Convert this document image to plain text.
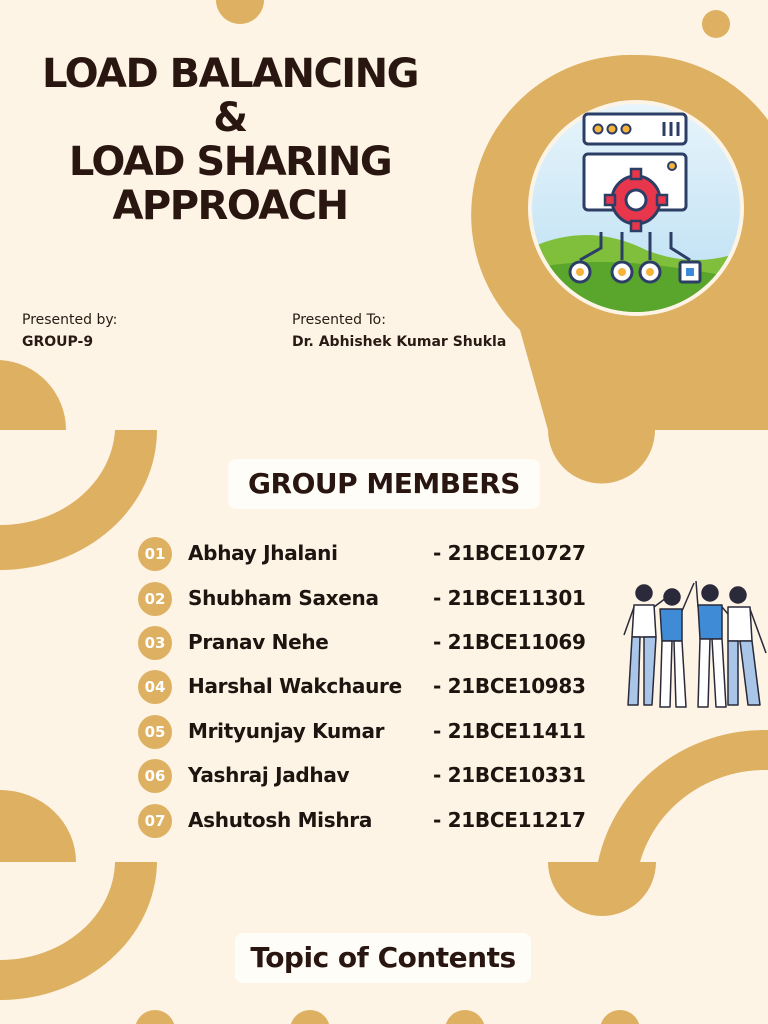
LOAD BALANCING
&
LOAD SHARING
APPROACH
Presented by:
GROUP-9
Presented To:
Dr. Abhishek Kumar Shukla
GROUP MEMBERS
01	Abhay Jhalani	- 21BCE10727
02	Shubham Saxena	- 21BCE11301
03	Pranav Nehe	- 21BCE11069
04	Harshal Wakchaure - 21BCE10983
05	Mrityunjay Kumar - 21BCE11411
06	Yashraj Jadhav	- 21BCE10331
07	Ashutosh Mishra	- 21BCE11217
Topic of Contents
